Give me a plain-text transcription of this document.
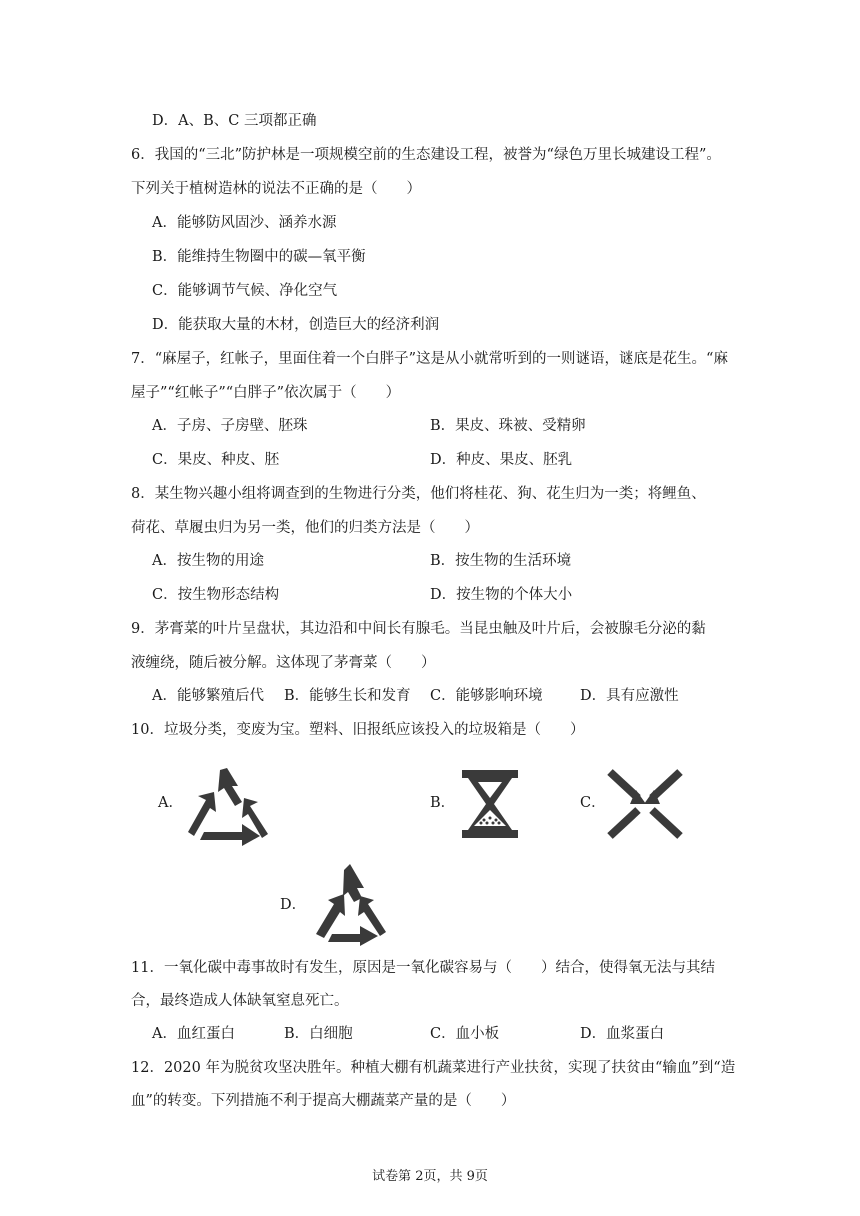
D．A、B、C 三项都正确
6．我国的“三北”防护林是一项规模空前的生态建设工程，被誉为“绿色万里长城建设工程”。
下列关于植树造林的说法不正确的是（　　）
A．能够防风固沙、涵养水源
B．能维持生物圈中的碳—氧平衡
C．能够调节气候、净化空气
D．能获取大量的木材，创造巨大的经济利润
7．“麻屋子，红帐子，里面住着一个白胖子”这是从小就常听到的一则谜语，谜底是花生。“麻
屋子”“红帐子”“白胖子”依次属于（　　）
A．子房、子房壁、胚珠	B．果皮、珠被、受精卵
C．果皮、种皮、胚	D．种皮、果皮、胚乳
8．某生物兴趣小组将调查到的生物进行分类，他们将桂花、狗、花生归为一类；将鲤鱼、
荷花、草履虫归为另一类，他们的归类方法是（　　）
A．按生物的用途	B．按生物的生活环境
C．按生物形态结构	D．按生物的个体大小
9．茅膏菜的叶片呈盘状，其边沿和中间长有腺毛。当昆虫触及叶片后，会被腺毛分泌的黏
液缠绕，随后被分解。这体现了茅膏菜（　　）
A．能够繁殖后代 B．能够生长和发育 C．能够影响环境	D．具有应激性
10．垃圾分类，变废为宝。塑料、旧报纸应该投入的垃圾箱是（　　）
A．	B．	C．
D．
11．一氧化碳中毒事故时有发生，原因是一氧化碳容易与（　　）结合，使得氧无法与其结
合，最终造成人体缺氧窒息死亡。
A．血红蛋白	B．白细胞	C．血小板	D．血浆蛋白
12．2020 年为脱贫攻坚决胜年。种植大棚有机蔬菜进行产业扶贫，实现了扶贫由“输血”到“造
血”的转变。下列措施不利于提高大棚蔬菜产量的是（　　）
试卷第 2页，共 9页
